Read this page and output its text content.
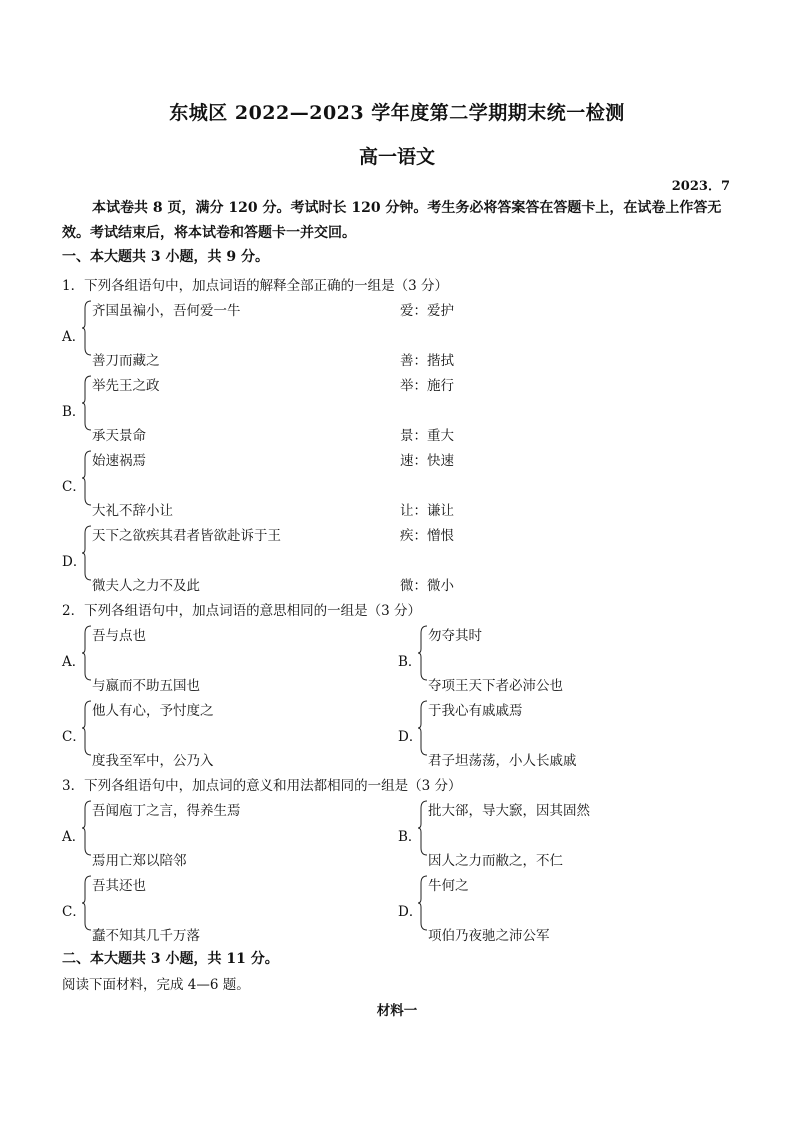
东城区 2022—2023 学年度第二学期期末统一检测
高一语文
2023．7
本试卷共 8 页，满分 120 分。考试时长 120 分钟。考生务必将答案答在答题卡上，在试卷上作答无效。考试结束后，将本试卷和答题卡一并交回。
一、本大题共 3 小题，共 9 分。
1．下列各组语句中，加点词语的解释全部正确的一组是（3 分）
A．
齐国虽褊小，吾何爱一牛	爱：爱护
善刀而藏之	善：揩拭
B．
举先王之政	举：施行
承天景命	景：重大
C．
始速祸焉	速：快速
大礼不辞小让	让：谦让
D．
天下之欲疾其君者皆欲赴诉于王	疾：憎恨
微夫人之力不及此	微：微小
2．下列各组语句中，加点词语的意思相同的一组是（3 分）
A．
吾与点也
与嬴而不助五国也
B．
勿夺其时
夺项王天下者必沛公也
C．
他人有心，予忖度之
度我至军中，公乃入
D．
于我心有戚戚焉
君子坦荡荡，小人长戚戚
3．下列各组语句中，加点词的意义和用法都相同的一组是（3 分）
A．
吾闻庖丁之言，得养生焉
焉用亡郑以陪邻
B．
批大郤，导大窾，因其固然
因人之力而敝之，不仁
C．
吾其还也
蠢不知其几千万落
D．
牛何之
项伯乃夜驰之沛公军
二、本大题共 3 小题，共 11 分。
阅读下面材料，完成 4—6 题。
材料一
